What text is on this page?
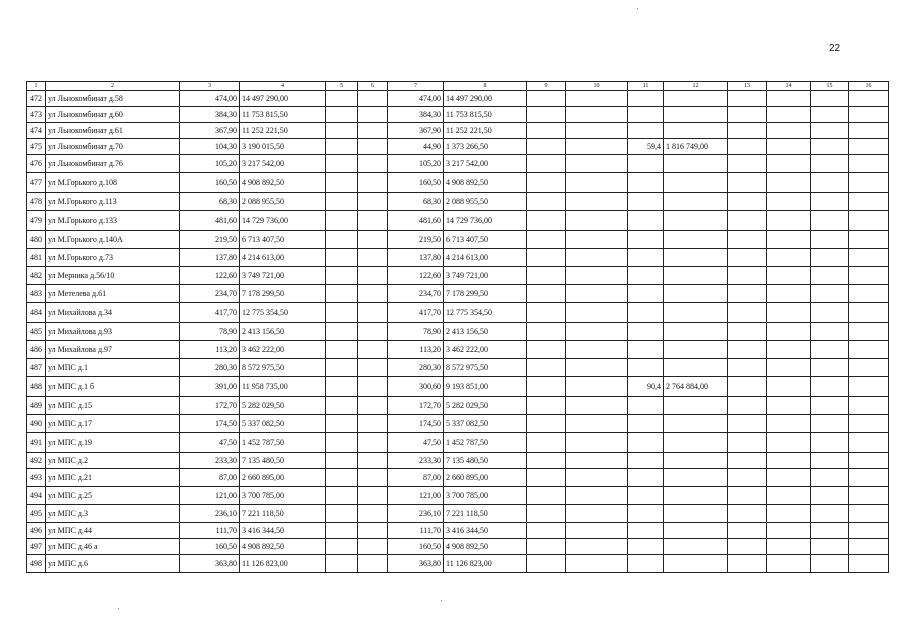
22
1	2	3	4	5	6	7	8	9	10	11	12	13	14	15	16
472	ул Льнокомбинат д.58	474,00	14 497 290,00			474,00	14 497 290,00								
473	ул Льнокомбинат д.60	384,30	11 753 815,50			384,30	11 753 815,50								
474	ул Льнокомбинат д.61	367,90	11 252 221,50			367,90	11 252 221,50								
475	ул Льнокомбинат д.70	104,30	3 190 015,50			44,90	1 373 266,50			59,4	1 816 749,00				
476	ул Льнокомбинат д.76	105,20	3 217 542,00			105,20	3 217 542,00								
477	ул М.Горького д.108	160,50	4 908 892,50			160,50	4 908 892,50								
478	ул М.Горького д.113	68,30	2 088 955,50			68,30	2 088 955,50								
479	ул М.Горького д.133	481,60	14 729 736,00			481,60	14 729 736,00								
480	ул М.Горького д.140А	219,50	6 713 407,50			219,50	6 713 407,50								
481	ул М.Горького д.73	137,80	4 214 613,00			137,80	4 214 613,00								
482	ул Мерника д.56/10	122,60	3 749 721,00			122,60	3 749 721,00								
483	ул Метелева д.61	234,70	7 178 299,50			234,70	7 178 299,50								
484	ул Михайлова д.34	417,70	12 775 354,50			417,70	12 775 354,50								
485	ул Михайлова д.93	78,90	2 413 156,50			78,90	2 413 156,50								
486	ул Михайлова д.97	113,20	3 462 222,00			113,20	3 462 222,00								
487	ул МПС д.1	280,30	8 572 975,50			280,30	8 572 975,50								
488	ул МПС д.1 б	391,00	11 958 735,00			300,60	9 193 851,00			90,4	2 764 884,00				
489	ул МПС д.15	172,70	5 282 029,50			172,70	5 282 029,50								
490	ул МПС д.17	174,50	5 337 082,50			174,50	5 337 082,50								
491	ул МПС д.19	47,50	1 452 787,50			47,50	1 452 787,50								
492	ул МПС д.2	233,30	7 135 480,50			233,30	7 135 480,50								
493	ул МПС д.21	87,00	2 660 895,00			87,00	2 660 895,00								
494	ул МПС д.25	121,00	3 700 785,00			121,00	3 700 785,00								
495	ул МПС д.3	236,10	7 221 118,50			236,10	7 221 118,50								
496	ул МПС д.44	111,70	3 416 344,50			111,70	3 416 344,50								
497	ул МПС д.46 а	160,50	4 908 892,50			160,50	4 908 892,50								
498	ул МПС д.6	363,80	11 126 823,00			363,80	11 126 823,00								
